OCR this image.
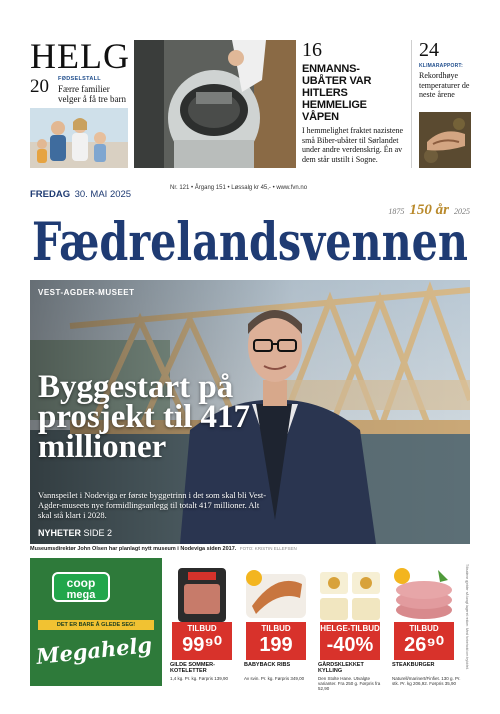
HELG
20 FØDSELSTALL
Færre familier velger å få tre barn
16
ENMANNS-UBÅTER VAR HITLERS HEMMELIGE VÅPEN
I hemmelighet fraktet nazistene små Biber-ubåter til Sørlandet under andre verdenskrig. Én av dem står utstilt i Sogne.
24
KLIMARAPPORT:
Rekordhøye temperaturer de neste årene
FREDAG 30. MAI 2025
Nr. 121 • Årgang 151 • Løssalg kr 45,- • www.fvn.no
1875 150 år 2025
Fædrelandsvennen
VEST-AGDER-MUSEET
Byggestart på prosjekt til 417 millioner
Vannspeilet i Nodeviga er første byggetrinn i det som skal bli Vest-Agder-museets nye formidlingsanlegg til totalt 417 millioner. Alt skal stå klart i 2028.
NYHETER SIDE 2
Museumsdirektør John Olsen har planlagt nytt museum i Nodeviga siden 2017. FOTO: KRISTIN ELLEFSEN
coop
mega
DET ER BARE Å GLEDE SEG!
Megahelg
TILBUD
99⁹⁰
GILDE SOMMER-KOTELETTER
1,4 kg. Pr. kg. Førpris 139,90
TILBUD
199
BABYBACK RIBS
Av svin. Pr. kg. Førpris 349,00
HELGE-TILBUD
-40%
GÅRDSKLEKKET KYLLING
Den Stolte Hane. Utvalgte varianter. Fra 250 g. Førpris fra 52,90
TILBUD
26⁹⁰
STEAKBURGER
Naturell/marinert/Finfiet. 130 g. Pr. stk. Pr. kg 206,92. Førpris 35,90
Tilbudene gjelder så langt lageret rekker. Med forbehold om trykkfeil.
